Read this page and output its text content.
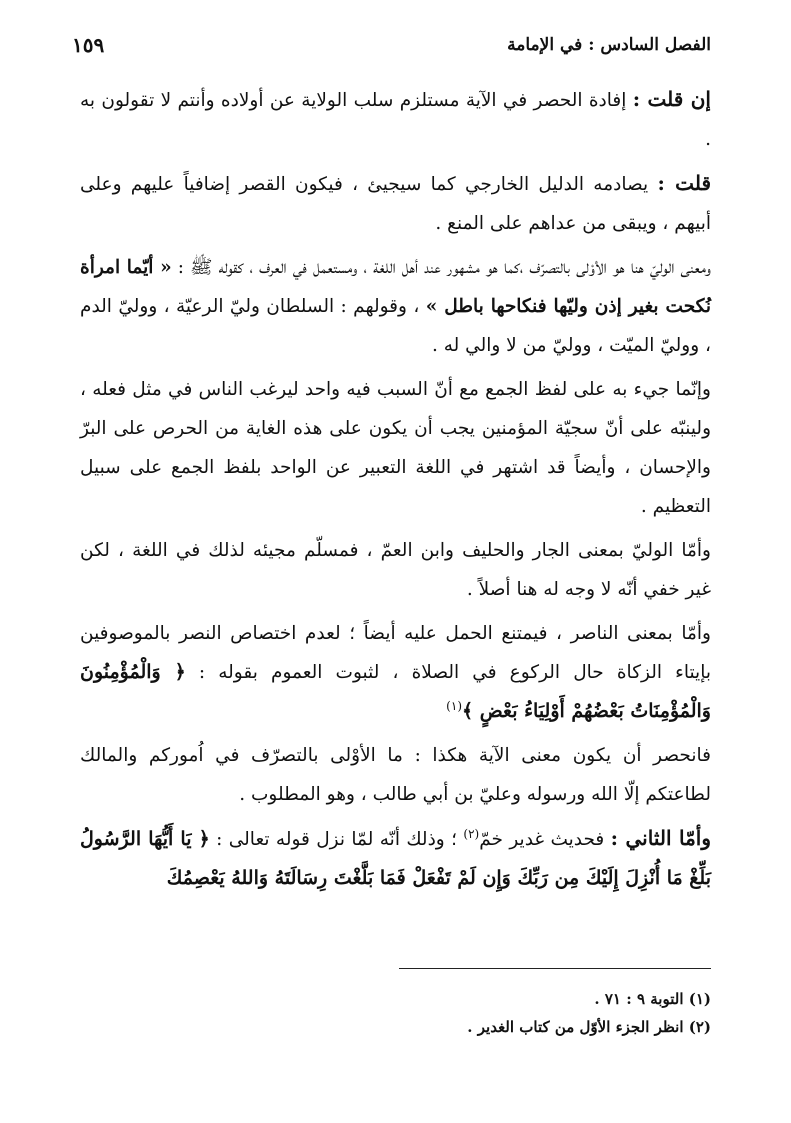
الفصل السادس : في الإمامة
١٥٩

إن قلت : إفادة الحصر في الآية مستلزم سلب الولاية عن أولاده وأنتم لا تقولون به .

قلت : يصادمه الدليل الخارجي كما سيجيئ ، فيكون القصر إضافياً عليهم وعلى أبيهم ، ويبقى من عداهم على المنع .

ومعنى الوليّ هنا هو الأوْلى بالتصرّف ،كما هو مشهور عند أهل اللغة ، ومستعمل في العرف ، كقوله ﷺ : « أيّما امرأة نُكحت بغير إذن وليّها فنكاحها باطل » ، وقولهم : السلطان وليّ الرعيّة ، ووليّ الدم ، ووليّ الميّت ، ووليّ من لا والي له .

وإنّما جيء به على لفظ الجمع مع أنّ السبب فيه واحد ليرغب الناس في مثل فعله ، ولينبّه على أنّ سجيّة المؤمنين يجب أن يكون على هذه الغاية من الحرص على البرّ والإحسان ، وأيضاً قد اشتهر في اللغة التعبير عن الواحد بلفظ الجمع على سبيل التعظيم .

وأمّا الوليّ بمعنى الجار والحليف وابن العمّ ، فمسلّم مجيئه لذلك في اللغة ، لكن غير خفي أنّه لا وجه له هنا أصلاً .

وأمّا بمعنى الناصر ، فيمتنع الحمل عليه أيضاً ؛ لعدم اختصاص النصر بالموصوفين بإيتاء الزكاة حال الركوع في الصلاة ، لثبوت العموم بقوله : ﴿ وَالْمُؤْمِنُونَ وَالْمُؤْمِنَاتُ بَعْضُهُمْ أَوْلِيَاءُ بَعْضٍ ﴾$^{(١)}$

فانحصر أن يكون معنى الآية هكذا : ما الأوْلى بالتصرّف في اُموركم والمالك لطاعتكم إلّا الله ورسوله وعليّ بن أبي طالب ، وهو المطلوب .

وأمّا الثاني : فحديث غدير خمّ$^{(٢)}$ ؛ وذلك أنّه لمّا نزل قوله تعالى : ﴿ يَا أَيُّهَا الرَّسُولُ بَلِّغْ مَا أُنْزِلَ إِلَيْكَ مِن رَبِّكَ وَإِن لَمْ تَفْعَلْ فَمَا بَلَّغْتَ رِسَالَتَهُ وَاللهُ يَعْصِمُكَ

(١) التوبة ٩ : ٧١ .
(٢) انظر الجزء الأوّل من كتاب الغدير .
